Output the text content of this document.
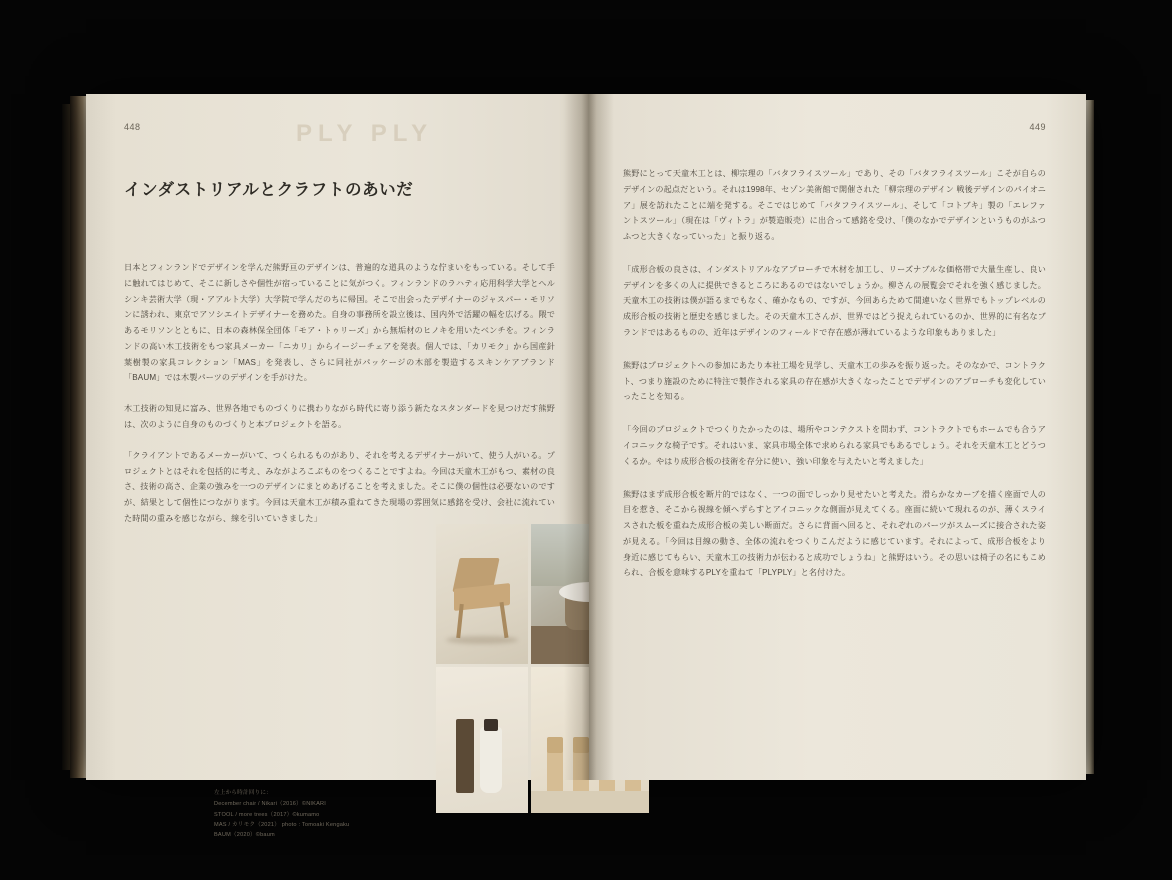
448	PLY PLY
インダストリアルとクラフトのあいだ

日本とフィンランドでデザインを学んだ熊野亘のデザインは、普遍的な道具のような佇まいをもっている。そして手に触れてはじめて、そこに新しさや個性が宿っていることに気がつく。フィンランドのラハティ応用科学大学とヘルシンキ芸術大学（現・アアルト大学）大学院で学んだのちに帰国。そこで出会ったデザイナーのジャスパー・モリソンに誘われ、東京でアソシエイトデザイナーを務めた。自身の事務所を設立後は、国内外で活躍の幅を広げる。隈であるモリソンとともに、日本の森林保全団体「モア・トゥリーズ」から無垢材のヒノキを用いたベンチを。フィンランドの高い木工技術をもつ家具メーカー「ニカリ」からイージーチェアを発表。個人では、「カリモク」から国産針葉樹製の家具コレクション「MAS」を発表し、さらに同社がパッケージの木部を製造するスキンケアブランド「BAUM」では木製パーツのデザインを手がけた。

木工技術の知見に富み、世界各地でものづくりに携わりながら時代に寄り添う新たなスタンダードを見つけだす熊野は、次のように自身のものづくりと本プロジェクトを語る。

「クライアントであるメーカーがいて、つくられるものがあり、それを考えるデザイナーがいて、使う人がいる。プロジェクトとはそれを包括的に考え、みながよろこぶものをつくることですよね。今回は天童木工がもつ、素材の良さ、技術の高さ、企業の強みを一つのデザインにまとめあげることを考えました。そこに僕の個性は必要ないのですが、結果として個性につながります。今回は天童木工が積み重ねてきた現場の雰囲気に感銘を受け、会社に流れていた時間の重みを感じながら、線を引いていきました」

左上から時計回りに：
December chair / Nikari（2016）©NIKARI
STOOL / more trees（2017）©kumamo
MAS / カリモク（2021） photo : Tomoaki Kengaku
BAUM（2020）©baum
449

熊野にとって天童木工とは、柳宗理の「バタフライスツール」であり、その「バタフライスツール」こそが自らのデザインの起点だという。それは1998年、セゾン美術館で開催された「柳宗理のデザイン 戦後デザインのパイオニア」展を訪れたことに端を発する。そこではじめて「バタフライスツール」、そして「コトブキ」製の「エレファントスツール」（現在は「ヴィトラ」が製造販売）に出合って感銘を受け、「僕のなかでデザインというものがふつふつと大きくなっていった」と振り返る。

「成形合板の良さは、インダストリアルなアプローチで木材を加工し、リーズナブルな価格帯で大量生産し、良いデザインを多くの人に提供できるところにあるのではないでしょうか。柳さんの展覧会でそれを強く感じました。天童木工の技術は僕が語るまでもなく、確かなもの、ですが、今回あらためて間違いなく世界でもトップレベルの成形合板の技術と歴史を感じました。その天童木工さんが、世界ではどう捉えられているのか、世界的に有名なブランドではあるものの、近年はデザインのフィールドで存在感が薄れているような印象もありました」

熊野はプロジェクトへの参加にあたり本社工場を見学し、天童木工の歩みを振り返った。そのなかで、コントラクト、つまり施設のために特注で製作される家具の存在感が大きくなったことでデザインのアプローチも変化していったことを知る。

「今回のプロジェクトでつくりたかったのは、場所やコンテクストを問わず、コントラクトでもホームでも合うアイコニックな椅子です。それはいま、家具市場全体で求められる家具でもあるでしょう。それを天童木工とどうつくるか。やはり成形合板の技術を存分に使い、強い印象を与えたいと考えました」

熊野はまず成形合板を断片的ではなく、一つの面でしっかり見せたいと考えた。滑らかなカーブを描く座面で人の目を惹き、そこから視線を傾へずらすとアイコニックな側面が見えてくる。座面に続いて現れるのが、薄くスライスされた板を重ねた成形合板の美しい断面だ。さらに背面へ回ると、それぞれのパーツがスムーズに接合された姿が見える。「今回は目線の動き、全体の流れをつくりこんだように感じています。それによって、成形合板をより身近に感じてもらい、天童木工の技術力が伝わると成功でしょうね」と熊野はいう。その思いは椅子の名にもこめられ、合板を意味するPLYを重ねて「PLYPLY」と名付けた。
